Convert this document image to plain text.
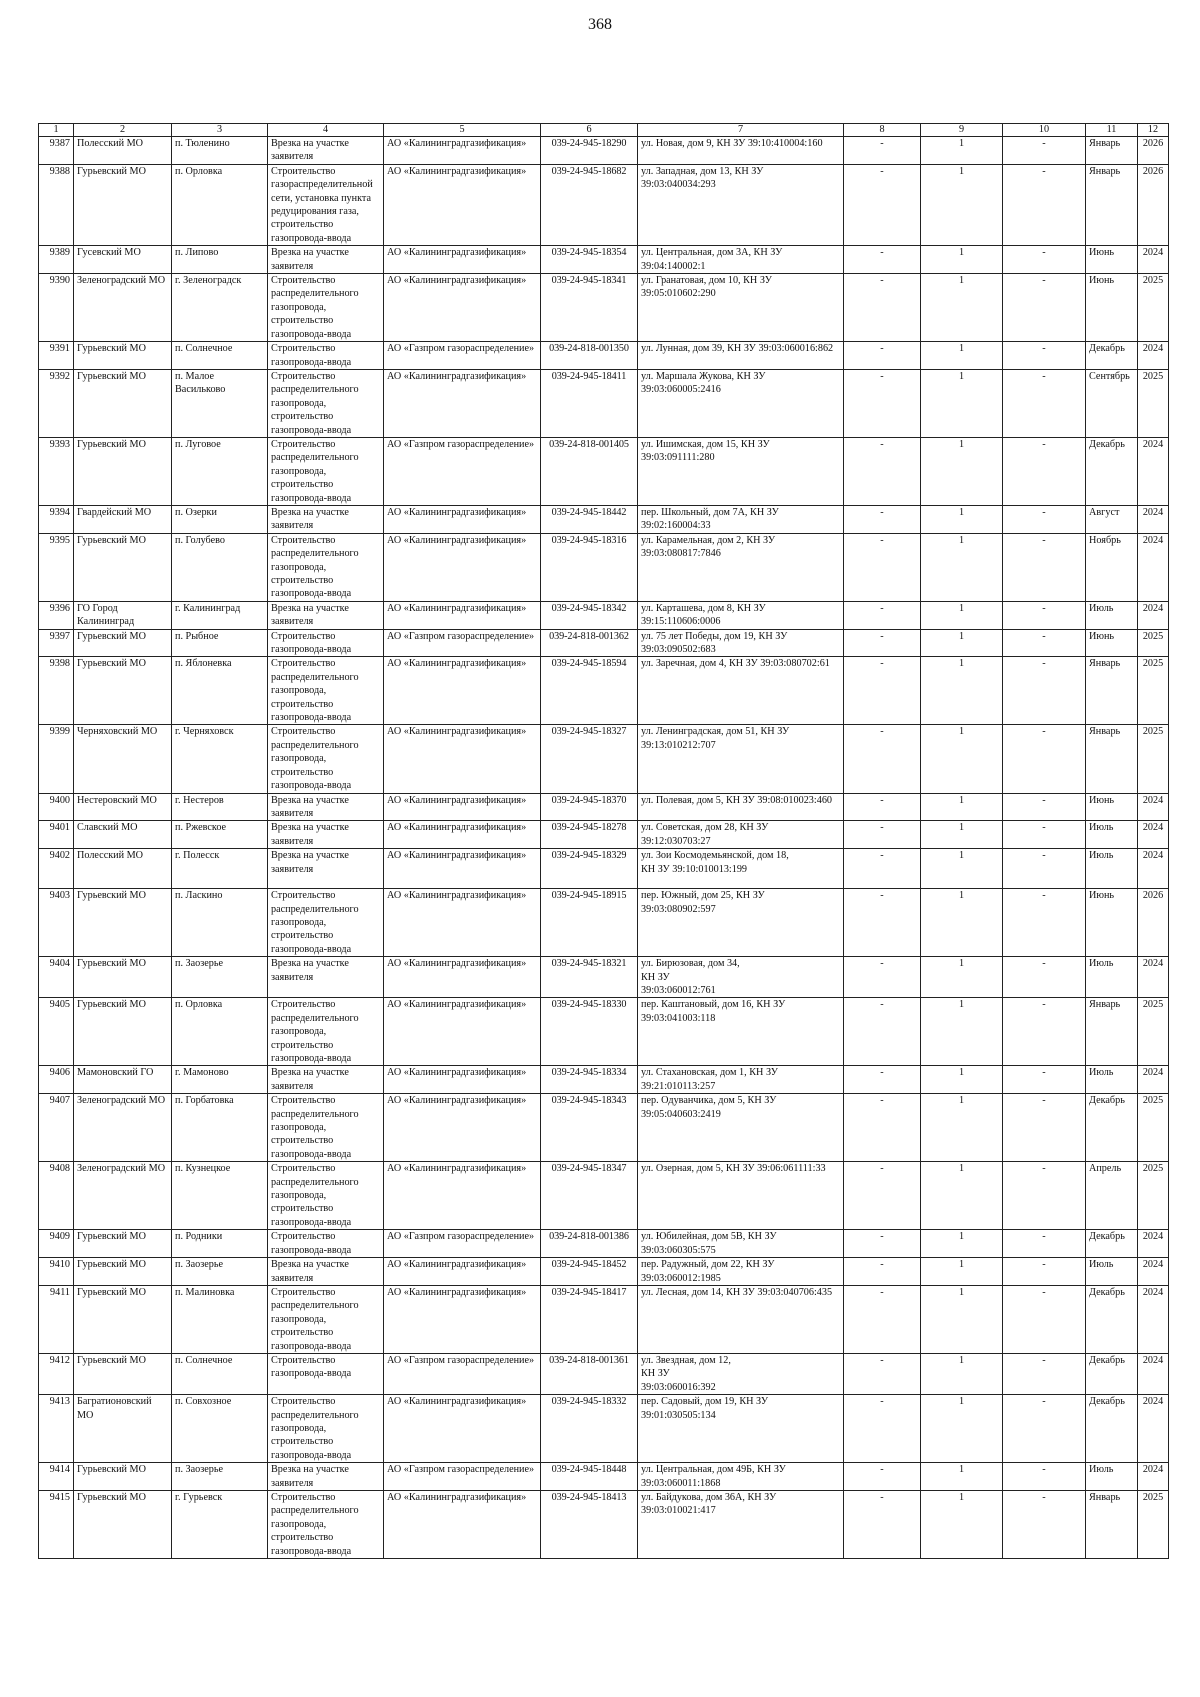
368
1	2	3	4	5	6	7	8	9	10	11	12
9387	Полесский МО	п. Тюленино	Врезка на участке заявителя	АО «Калининградгазификация»	039-24-945-18290	ул. Новая, дом 9, КН ЗУ 39:10:410004:160	-	1	-	Январь	2026
9388	Гурьевский МО	п. Орловка	Строительство газораспределительной сети, установка пункта редуцирования газа, строительство газопровода-ввода	АО «Калининградгазификация»	039-24-945-18682	ул. Западная, дом 13, КН ЗУ 39:03:040034:293	-	1	-	Январь	2026
9389	Гусевский МО	п. Липово	Врезка на участке заявителя	АО «Калининградгазификация»	039-24-945-18354	ул. Центральная, дом 3А, КН ЗУ 39:04:140002:1	-	1	-	Июнь	2024
9390	Зеленоградский МО	г. Зеленоградск	Строительство распределительного газопровода, строительство газопровода-ввода	АО «Калининградгазификация»	039-24-945-18341	ул. Гранатовая, дом 10, КН ЗУ 39:05:010602:290	-	1	-	Июнь	2025
9391	Гурьевский МО	п. Солнечное	Строительство газопровода-ввода	АО «Газпром газораспределение»	039-24-818-001350	ул. Лунная, дом 39, КН ЗУ 39:03:060016:862	-	1	-	Декабрь	2024
9392	Гурьевский МО	п. Малое Васильково	Строительство распределительного газопровода, строительство газопровода-ввода	АО «Калининградгазификация»	039-24-945-18411	ул. Маршала Жукова, КН ЗУ 39:03:060005:2416	-	1	-	Сентябрь	2025
9393	Гурьевский МО	п. Луговое	Строительство распределительного газопровода, строительство газопровода-ввода	АО «Газпром газораспределение»	039-24-818-001405	ул. Ишимская, дом 15, КН ЗУ 39:03:091111:280	-	1	-	Декабрь	2024
9394	Гвардейский МО	п. Озерки	Врезка на участке заявителя	АО «Калининградгазификация»	039-24-945-18442	пер. Школьный, дом 7А, КН ЗУ 39:02:160004:33	-	1	-	Август	2024
9395	Гурьевский МО	п. Голубево	Строительство распределительного газопровода, строительство газопровода-ввода	АО «Калининградгазификация»	039-24-945-18316	ул. Карамельная, дом 2, КН ЗУ 39:03:080817:7846	-	1	-	Ноябрь	2024
9396	ГО Город Калининград	г. Калининград	Врезка на участке заявителя	АО «Калининградгазификация»	039-24-945-18342	ул. Карташева, дом 8, КН ЗУ 39:15:110606:0006	-	1	-	Июль	2024
9397	Гурьевский МО	п. Рыбное	Строительство газопровода-ввода	АО «Газпром газораспределение»	039-24-818-001362	ул. 75 лет Победы, дом 19, КН ЗУ 39:03:090502:683	-	1	-	Июнь	2025
9398	Гурьевский МО	п. Яблоневка	Строительство распределительного газопровода, строительство газопровода-ввода	АО «Калининградгазификация»	039-24-945-18594	ул. Заречная, дом 4, КН ЗУ 39:03:080702:61	-	1	-	Январь	2025
9399	Черняховский МО	г. Черняховск	Строительство распределительного газопровода, строительство газопровода-ввода	АО «Калининградгазификация»	039-24-945-18327	ул. Ленинградская, дом 51, КН ЗУ 39:13:010212:707	-	1	-	Январь	2025
9400	Нестеровский МО	г. Нестеров	Врезка на участке заявителя	АО «Калининградгазификация»	039-24-945-18370	ул. Полевая, дом 5, КН ЗУ 39:08:010023:460	-	1	-	Июнь	2024
9401	Славский МО	п. Ржевское	Врезка на участке заявителя	АО «Калининградгазификация»	039-24-945-18278	ул. Советская, дом 28, КН ЗУ 39:12:030703:27	-	1	-	Июль	2024
9402	Полесский МО	г. Полесск	Врезка на участке заявителя	АО «Калининградгазификация»	039-24-945-18329	ул. Зои Космодемьянской, дом 18,
КН ЗУ 39:10:010013:199	-	1	-	Июль	2024
9403	Гурьевский МО	п. Ласкино	Строительство распределительного газопровода, строительство газопровода-ввода	АО «Калининградгазификация»	039-24-945-18915	пер. Южный, дом 25, КН ЗУ 39:03:080902:597	-	1	-	Июнь	2026
9404	Гурьевский МО	п. Заозерье	Врезка на участке заявителя	АО «Калининградгазификация»	039-24-945-18321	ул. Бирюзовая, дом 34,
КН ЗУ
39:03:060012:761	-	1	-	Июль	2024
9405	Гурьевский МО	п. Орловка	Строительство распределительного газопровода, строительство газопровода-ввода	АО «Калининградгазификация»	039-24-945-18330	пер. Каштановый, дом 16, КН ЗУ 39:03:041003:118	-	1	-	Январь	2025
9406	Мамоновский ГО	г. Мамоново	Врезка на участке заявителя	АО «Калининградгазификация»	039-24-945-18334	ул. Стахановская, дом 1, КН ЗУ 39:21:010113:257	-	1	-	Июль	2024
9407	Зеленоградский МО	п. Горбатовка	Строительство распределительного газопровода, строительство газопровода-ввода	АО «Калининградгазификация»	039-24-945-18343	пер. Одуванчика, дом 5, КН ЗУ 39:05:040603:2419	-	1	-	Декабрь	2025
9408	Зеленоградский МО	п. Кузнецкое	Строительство распределительного газопровода, строительство газопровода-ввода	АО «Калининградгазификация»	039-24-945-18347	ул. Озерная, дом 5, КН ЗУ 39:06:061111:33	-	1	-	Апрель	2025
9409	Гурьевский МО	п. Родники	Строительство газопровода-ввода	АО «Газпром газораспределение»	039-24-818-001386	ул. Юбилейная, дом 5В, КН ЗУ 39:03:060305:575	-	1	-	Декабрь	2024
9410	Гурьевский МО	п. Заозерье	Врезка на участке заявителя	АО «Калининградгазификация»	039-24-945-18452	пер. Радужный, дом 22, КН ЗУ 39:03:060012:1985	-	1	-	Июль	2024
9411	Гурьевский МО	п. Малиновка	Строительство распределительного газопровода, строительство газопровода-ввода	АО «Калининградгазификация»	039-24-945-18417	ул. Лесная, дом 14, КН ЗУ 39:03:040706:435	-	1	-	Декабрь	2024
9412	Гурьевский МО	п. Солнечное	Строительство газопровода-ввода	АО «Газпром газораспределение»	039-24-818-001361	ул. Звездная, дом 12,
КН ЗУ
39:03:060016:392	-	1	-	Декабрь	2024
9413	Багратионовский МО	п. Совхозное	Строительство распределительного газопровода, строительство газопровода-ввода	АО «Калининградгазификация»	039-24-945-18332	пер. Садовый, дом 19, КН ЗУ 39:01:030505:134	-	1	-	Декабрь	2024
9414	Гурьевский МО	п. Заозерье	Врезка на участке заявителя	АО «Газпром газораспределение»	039-24-945-18448	ул. Центральная, дом 49Б, КН ЗУ 39:03:060011:1868	-	1	-	Июль	2024
9415	Гурьевский МО	г. Гурьевск	Строительство распределительного газопровода, строительство газопровода-ввода	АО «Калининградгазификация»	039-24-945-18413	ул. Байдукова, дом 36А, КН ЗУ 39:03:010021:417	-	1	-	Январь	2025
